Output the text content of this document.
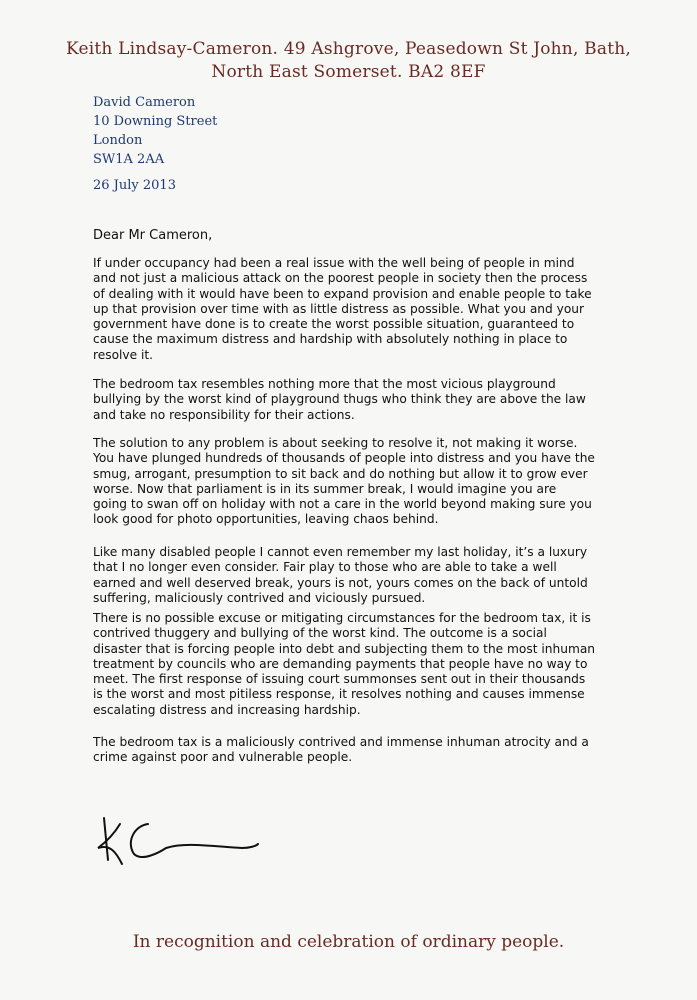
Keith Lindsay-Cameron. 49 Ashgrove, Peasedown St John, Bath,
North East Somerset. BA2 8EF
David Cameron
10 Downing Street
London
SW1A 2AA
26 July 2013
Dear Mr Cameron,
If under occupancy had been a real issue with the well being of people in mind
and not just a malicious attack on the poorest people in society then the process
of dealing with it would have been to expand provision and enable people to take
up that provision over time with as little distress as possible. What you and your
government have done is to create the worst possible situation, guaranteed to
cause the maximum distress and hardship with absolutely nothing in place to
resolve it.
The bedroom tax resembles nothing more that the most vicious playground
bullying by the worst kind of playground thugs who think they are above the law
and take no responsibility for their actions.
The solution to any problem is about seeking to resolve it, not making it worse.
You have plunged hundreds of thousands of people into distress and you have the
smug, arrogant, presumption to sit back and do nothing but allow it to grow ever
worse. Now that parliament is in its summer break, I would imagine you are
going to swan off on holiday with not a care in the world beyond making sure you
look good for photo opportunities, leaving chaos behind.
Like many disabled people I cannot even remember my last holiday, it’s a luxury
that I no longer even consider. Fair play to those who are able to take a well
earned and well deserved break, yours is not, yours comes on the back of untold
suffering, maliciously contrived and viciously pursued.
There is no possible excuse or mitigating circumstances for the bedroom tax, it is
contrived thuggery and bullying of the worst kind. The outcome is a social
disaster that is forcing people into debt and subjecting them to the most inhuman
treatment by councils who are demanding payments that people have no way to
meet. The first response of issuing court summonses sent out in their thousands
is the worst and most pitiless response, it resolves nothing and causes immense
escalating distress and increasing hardship.
The bedroom tax is a maliciously contrived and immense inhuman atrocity and a
crime against poor and vulnerable people.
In recognition and celebration of ordinary people.
